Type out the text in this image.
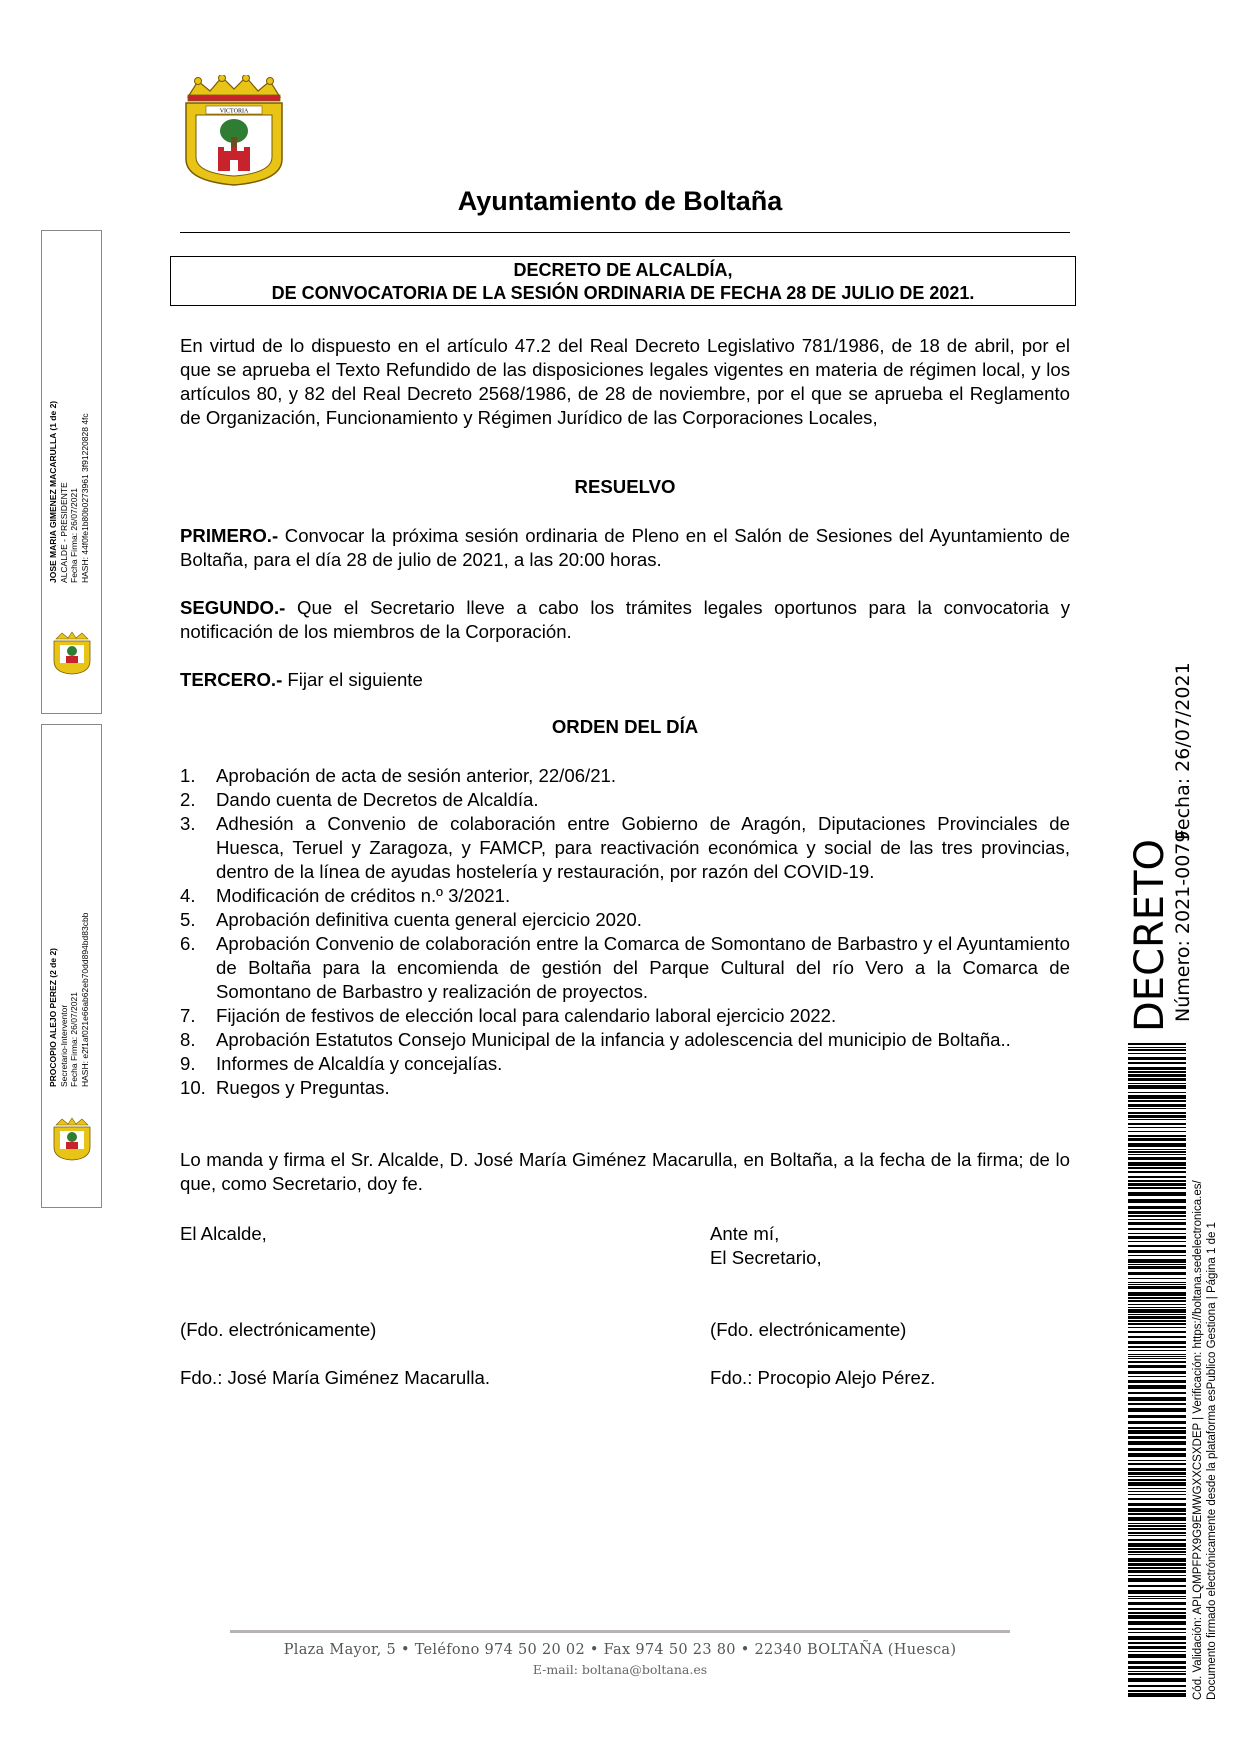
VICTORIA
Ayuntamiento de Boltaña
DECRETO DE ALCALDÍA,
DE CONVOCATORIA DE LA SESIÓN ORDINARIA DE FECHA 28 DE JULIO DE 2021.
En virtud de lo dispuesto en el artículo 47.2 del Real Decreto Legislativo 781/1986, de 18 de abril, por el que se aprueba el Texto Refundido de las disposiciones legales vigentes en materia de régimen local, y los artículos 80, y 82 del Real Decreto 2568/1986, de 28 de noviembre, por el que se aprueba el Reglamento de Organización, Funcionamiento y Régimen Jurídico de las Corporaciones Locales,
RESUELVO
PRIMERO.- Convocar la próxima sesión ordinaria de Pleno en el Salón de Sesiones del Ayuntamiento de Boltaña, para el día 28 de julio de 2021, a las 20:00 horas.
SEGUNDO.- Que el Secretario lleve a cabo los trámites legales oportunos para la convocatoria y notificación de los miembros de la Corporación.
TERCERO.- Fijar el siguiente
ORDEN DEL DÍA
1.	Aprobación de acta de sesión anterior, 22/06/21.
2.	Dando cuenta de Decretos de Alcaldía.
3.	Adhesión a Convenio de colaboración entre Gobierno de Aragón, Diputaciones Provinciales de Huesca, Teruel y Zaragoza, y FAMCP, para reactivación económica y social de las tres provincias, dentro de la línea de ayudas hostelería y restauración, por razón del COVID-19.
4.	Modificación de créditos n.º 3/2021.
5.	Aprobación definitiva cuenta general ejercicio 2020.
6.	Aprobación Convenio de colaboración entre la Comarca de Somontano de Barbastro y el Ayuntamiento de Boltaña para la encomienda de gestión del Parque Cultural del río Vero a la Comarca de Somontano de Barbastro y realización de proyectos.
7.	Fijación de festivos de elección local para calendario laboral ejercicio 2022.
8.	Aprobación Estatutos Consejo Municipal de la infancia y adolescencia del municipio de Boltaña..
9.	Informes de Alcaldía y concejalías.
10. Ruegos y Preguntas.
Lo manda y firma el Sr. Alcalde, D. José María Giménez Macarulla, en Boltaña, a la fecha de la firma; de lo que, como Secretario, doy fe.
El Alcalde,	Ante mí,
El Secretario,
(Fdo. electrónicamente)	(Fdo. electrónicamente)
Fdo.: José María Giménez Macarulla.	Fdo.: Procopio Alejo Pérez.
JOSE MARIA GIMENEZ MACARULLA (1 de 2) ALCALDE - PRESIDENTE Fecha Firma: 26/07/2021 HASH: 44f0fe1b80b0273961 3f91220828 4fc
PROCOPIO ALEJO PEREZ (2 de 2) Secretario-Interventor Fecha Firma: 26/07/2021 HASH: e2f1af021e66ab62eb70dd894bd83cbb	DECRETO Número: 2021-0079
Fecha: 26/07/2021
Cód. Validación: APLQMPFPX9G9EMWGXXCSXDEP | Verificación: https://boltana.sedelectronica.es/ Documento firmado electrónicamente desde la plataforma esPublico Gestiona | Página 1 de 1
Plaza Mayor, 5 • Teléfono 974 50 20 02 • Fax 974 50 23 80 • 22340 BOLTAÑA (Huesca)
E-mail: boltana@boltana.es
